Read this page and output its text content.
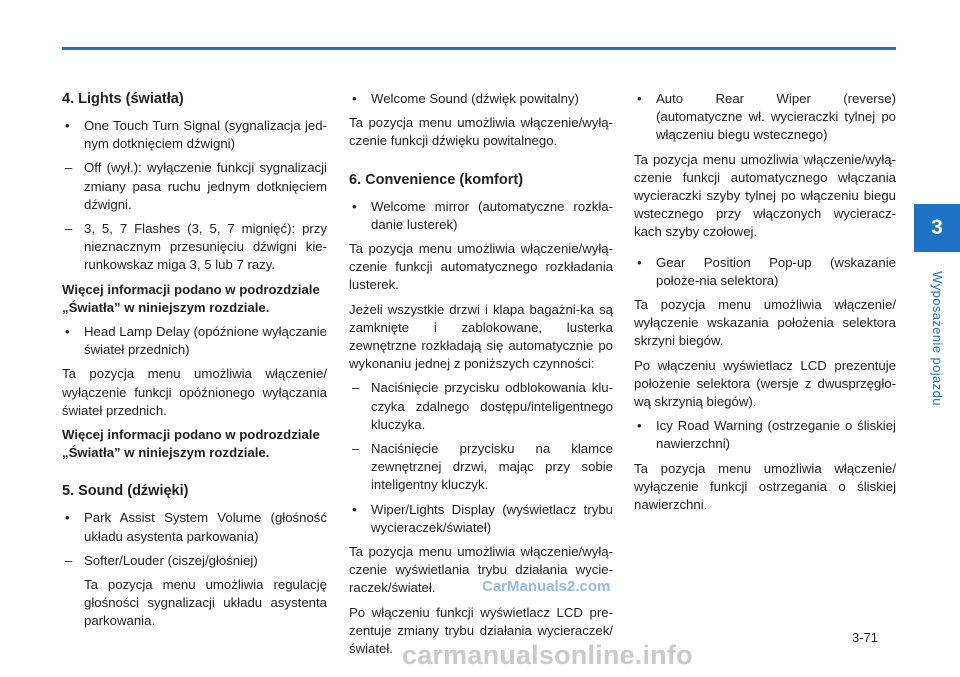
3
Wyposażenie pojazdu
4. Lights (światła)
• One Touch Turn Signal (sygnalizacja jed-nym dotknięciem dźwigni)
– Off (wył.): wyłączenie funkcji sygnalizacji zmiany pasa ruchu jednym dotknięciem dźwigni.
– 3, 5, 7 Flashes (3, 5, 7 mignięć): przy nieznacznym przesunięciu dźwigni kie-runkowskaz miga 3, 5 lub 7 razy.

Więcej informacji podano w podrozdziale „Światła” w niniejszym rozdziale.

• Head Lamp Delay (opóźnione wyłączanie świateł przednich)

Ta pozycja menu umożliwia włączenie/ wyłączenie funkcji opóźnionego wyłączania świateł przednich.

Więcej informacji podano w podrozdziale „Światła” w niniejszym rozdziale.

5. Sound (dźwięki)
• Park Assist System Volume (głośność układu asystenta parkowania)
– Softer/Louder (ciszej/głośniej)

Ta pozycja menu umożliwia regulację głośności sygnalizacji układu asystenta parkowania.

• Welcome Sound (dźwięk powitalny)

Ta pozycja menu umożliwia włączenie/wyłą-czenie funkcji dźwięku powitalnego.

6. Convenience (komfort)
• Welcome mirror (automatyczne rozkła-danie lusterek)

Ta pozycja menu umożliwia włączenie/wyłą-czenie funkcji automatycznego rozkładania lusterek.

Jeżeli wszystkie drzwi i klapa bagażni-ka są zamknięte i zablokowane, lusterka zewnętrzne rozkładają się automatycznie po wykonaniu jednej z poniższych czynności:

– Naciśnięcie przycisku odblokowania klu-czyka zdalnego dostępu/inteligentnego kluczyka.
– Naciśnięcie przycisku na klamce zewnętrznej drzwi, mając przy sobie inteligentny kluczyk.
• Wiper/Lights Display (wyświetlacz trybu wycieraczek/świateł)

Ta pozycja menu umożliwia włączenie/wyłą-czenie wyświetlania trybu działania wycie-raczek/świateł.

Po włączeniu funkcji wyświetlacz LCD pre-zentuje zmiany trybu działania wycieraczek/ świateł.

• Auto Rear Wiper (reverse) (automatyczne wł. wycieraczki tylnej po włączeniu biegu wstecznego)

Ta pozycja menu umożliwia włączenie/wyłą-czenie funkcji automatycznego włączania wycieraczki szyby tylnej po włączeniu biegu wstecznego przy włączonych wycieracz-kach szyby czołowej.

• Gear Position Pop-up (wskazanie położe-nia selektora)

Ta pozycja menu umożliwia włączenie/ wyłączenie wskazania położenia selektora skrzyni biegów.

Po włączeniu wyświetlacz LCD prezentuje położenie selektora (wersje z dwusprzęgło-wą skrzynią biegów).

• Icy Road Warning (ostrzeganie o śliskiej nawierzchni)

Ta pozycja menu umożliwia włączenie/ wyłączenie funkcji ostrzegania o śliskiej nawierzchni.

3-71
CarManuals2.com
carmanualsonline.info
